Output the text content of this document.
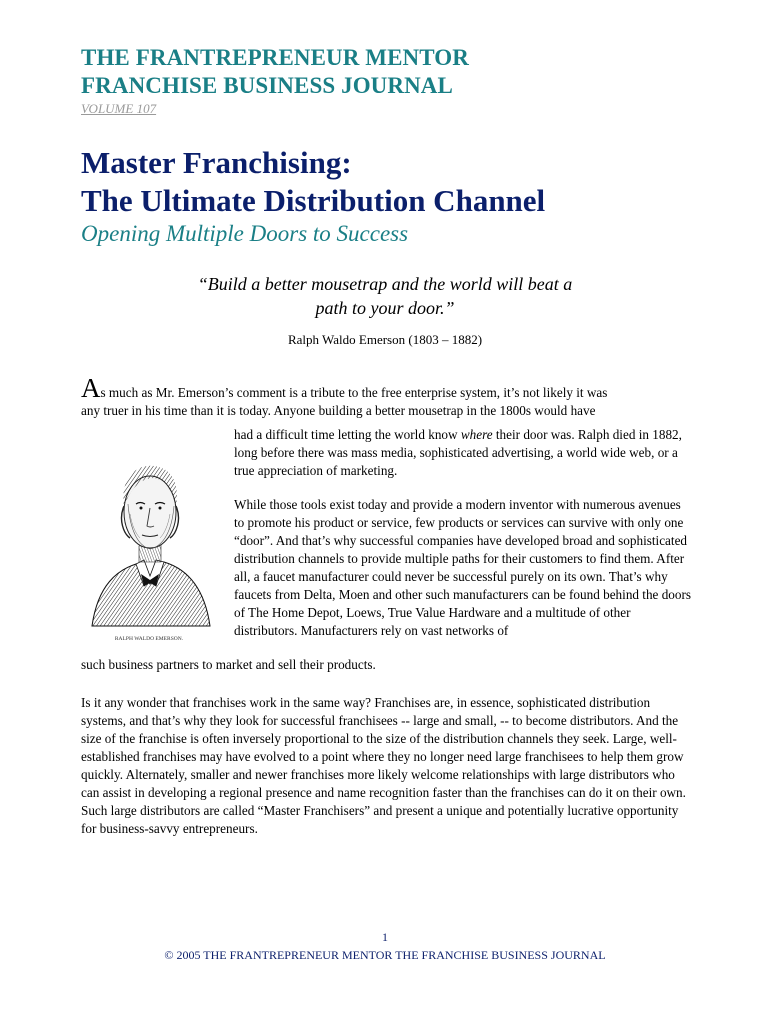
THE FRANTREPRENEUR MENTOR
FRANCHISE BUSINESS JOURNAL
VOLUME 107
Master Franchising:
The Ultimate Distribution Channel
Opening Multiple Doors to Success
“Build a better mousetrap and the world will beat a
path to your door.”
Ralph Waldo Emerson (1803 – 1882)
As much as Mr. Emerson’s comment is a tribute to the free enterprise system, it’s not likely it was
any truer in his time than it is today. Anyone building a better mousetrap in the 1800s would have
had a difficult time letting the world know where their door was. Ralph died in 1882, long before there was mass media, sophisticated advertising, a world wide web, or a true appreciation of marketing.
While those tools exist today and provide a modern inventor with numerous avenues to promote his product or service, few products or services can survive with only one “door”. And that’s why successful companies have developed broad and sophisticated distribution channels to provide multiple paths for their customers to find them. After all, a faucet manufacturer could never be successful purely on its own. That’s why faucets from Delta, Moen and other such manufacturers can be found behind the doors of The Home Depot, Loews, True Value Hardware and a multitude of other distributors. Manufacturers rely on vast networks of
such business partners to market and sell their products.
Is it any wonder that franchises work in the same way? Franchises are, in essence, sophisticated distribution systems, and that’s why they look for successful franchisees -- large and small, -- to become distributors. And the size of the franchise is often inversely proportional to the size of the distribution channels they seek. Large, well-established franchises may have evolved to a point where they no longer need large franchisees to help them grow quickly. Alternately, smaller and newer franchises more likely welcome relationships with large distributors who can assist in developing a regional presence and name recognition faster than the franchises can do it on their own. Such large distributors are called “Master Franchisers” and present a unique and potentially lucrative opportunity for business-savvy entrepreneurs.
RALPH WALDO EMERSON.
1
© 2005 THE FRANTREPRENEUR MENTOR THE FRANCHISE BUSINESS JOURNAL
